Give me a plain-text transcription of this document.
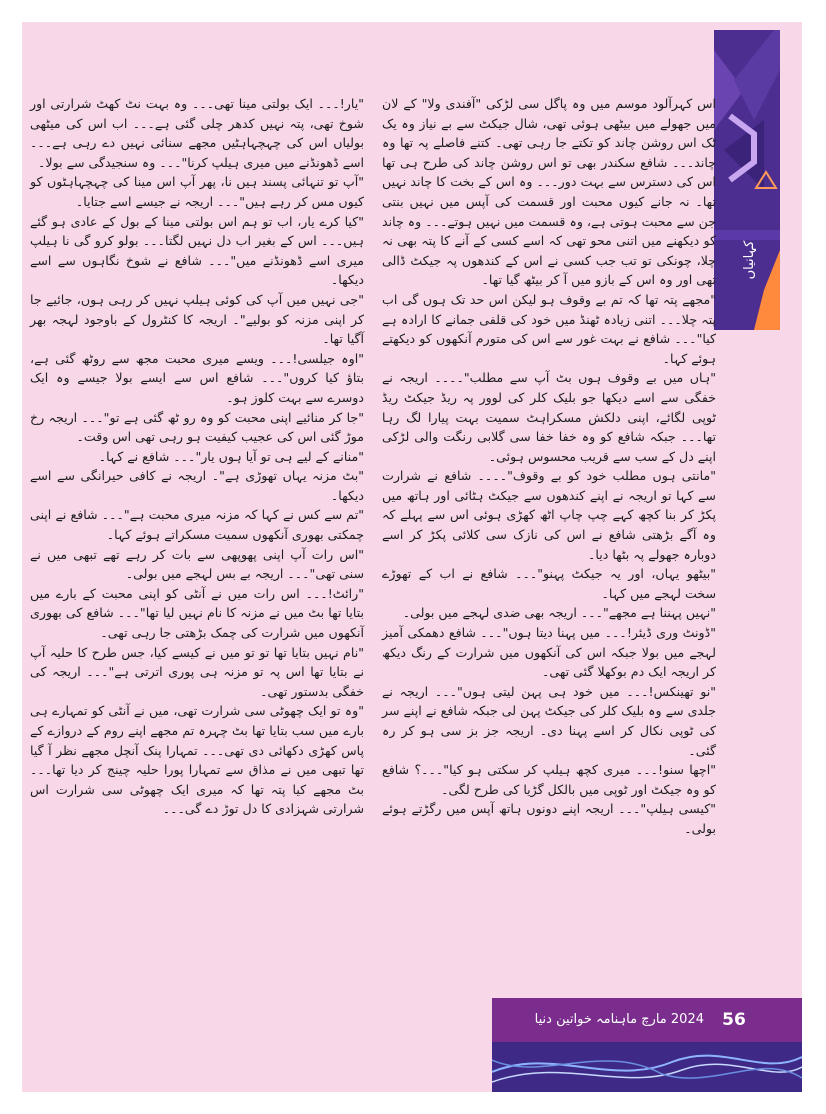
کہانیاں

اس کہرآلود موسم میں وہ پاگل سی لڑکی "آفندی ولا" کے لان میں جھولے میں بیٹھی ہوئی تھی، شال جیکٹ سے بے نیاز وہ یک ٹک اس روشن چاند کو تکتے جا رہی تھی۔ کتنے فاصلے پہ تھا وہ چاند۔۔۔ شافع سکندر بھی تو اس روشن چاند کی طرح ہی تھا اس کی دسترس سے بہت دور۔۔۔ وہ اس کے بخت کا چاند نہیں تھا۔ نہ جانے کیوں محبت اور قسمت کی آپس میں نہیں بنتی جن سے محبت ہوتی ہے، وہ قسمت میں نہیں ہوتے۔۔۔ وہ چاند کو دیکھنے میں اتنی محو تھی کہ اسے کسی کے آنے کا پتہ بھی نہ چلا، چونکی تو تب جب کسی نے اس کے کندھوں پہ جیکٹ ڈالی تھی اور وہ اس کے بازو میں آ کر بیٹھ گیا تھا۔

"مجھے پتہ تھا کہ تم بے وقوف ہو لیکن اس حد تک ہوں گی اب پتہ چلا۔۔۔ اتنی زیادہ ٹھنڈ میں خود کی قلفی جمانے کا ارادہ ہے کیا"۔۔۔ شافع نے بہت غور سے اس کی متورم آنکھوں کو دیکھتے ہوئے کہا۔

"ہاں میں بے وقوف ہوں بٹ آپ سے مطلب"۔۔۔۔ اریجہ نے خفگی سے اسے دیکھا جو بلیک کلر کی لوور پہ ریڈ جیکٹ ریڈ ٹوپی لگائے، اپنی دلکش مسکراہٹ سمیت بہت پیارا لگ رہا تھا۔۔۔ جبکہ شافع کو وہ خفا خفا سی گلابی رنگت والی لڑکی اپنے دل کے سب سے قریب محسوس ہوئی۔

"مانتی ہوں مطلب خود کو بے وقوف"۔۔۔۔ شافع نے شرارت سے کہا تو اریجہ نے اپنے کندھوں سے جیکٹ ہٹائی اور ہاتھ میں پکڑ کر بنا کچھ کہے چپ چاپ اٹھ کھڑی ہوئی اس سے پہلے کہ وہ آگے بڑھتی شافع نے اس کی نازک سی کلائی پکڑ کر اسے دوبارہ جھولے پہ بٹھا دیا۔

"بیٹھو یہاں، اور یہ جیکٹ پہنو"۔۔۔ شافع نے اب کے تھوڑے سخت لہجے میں کہا۔

"نہیں پہننا ہے مجھے"۔۔۔ اریجہ بھی ضدی لہجے میں بولی۔

"ڈونٹ وری ڈیئر!۔۔۔ میں پہنا دیتا ہوں"۔۔۔ شافع دھمکی آمیز لہجے میں بولا جبکہ اس کی آنکھوں میں شرارت کے رنگ دیکھ کر اریجہ ایک دم بوکھلا گئی تھی۔

"نو تھینکس!۔۔۔ میں خود ہی پہن لیتی ہوں"۔۔۔ اریجہ نے جلدی سے وہ بلیک کلر کی جیکٹ پہن لی جبکہ شافع نے اپنے سر کی ٹوپی نکال کر اسے پہنا دی۔ اریجہ جز بز سی ہو کر رہ گئی۔

"اچھا سنو!۔۔۔ میری کچھ ہیلپ کر سکتی ہو کیا"۔۔۔؟ شافع کو وہ جیکٹ اور ٹوپی میں بالکل گڑیا کی طرح لگی۔

"کیسی ہیلپ"۔۔۔ اریجہ اپنے دونوں ہاتھ آپس میں رگڑتے ہوئے بولی۔

"یار!۔۔۔ ایک بولتی مینا تھی۔۔۔ وہ بہت نٹ کھٹ شرارتی اور شوخ تھی، پتہ نہیں کدھر چلی گئی ہے۔۔۔ اب اس کی میٹھی بولیاں اس کی چہچہاہٹیں مجھے سنائی نہیں دے رہی ہے۔۔۔ اسے ڈھونڈنے میں میری ہیلپ کرنا"۔۔۔ وہ سنجیدگی سے بولا۔

"آپ تو تنہائی پسند ہیں نا، پھر آپ اس مینا کی چہچہاہٹوں کو کیوں مس کر رہے ہیں"۔۔۔ اریجہ نے جیسے اسے جتایا۔

"کیا کرے یار، اب تو ہم اس بولتی مینا کے بول کے عادی ہو گئے ہیں۔۔۔ اس کے بغیر اب دل نہیں لگتا۔۔۔ بولو کرو گی نا ہیلپ میری اسے ڈھونڈنے میں"۔۔۔ شافع نے شوخ نگاہوں سے اسے دیکھا۔

"جی نہیں میں آپ کی کوئی ہیلپ نہیں کر رہی ہوں، جائیے جا کر اپنی مزنہ کو بولیے"۔ اریجہ کا کنٹرول کے باوجود لہجہ بھر آگیا تھا۔

"اوہ جیلسی!۔۔۔ ویسے میری محبت مجھ سے روٹھ گئی ہے، بتاؤ کیا کروں"۔۔۔ شافع اس سے ایسے بولا جیسے وہ ایک دوسرے سے بہت کلوز ہو۔

"جا کر منائیے اپنی محبت کو وہ رو ٹھ گئی ہے تو"۔۔۔ اریجہ رخ موڑ گئی اس کی عجیب کیفیت ہو رہی تھی اس وقت۔

"منانے کے لیے ہی تو آیا ہوں یار"۔۔۔ شافع نے کہا۔

"بٹ مزنہ یہاں تھوڑی ہے"۔ اریجہ نے کافی حیرانگی سے اسے دیکھا۔

"تم سے کس نے کہا کہ مزنہ میری محبت ہے"۔۔۔ شافع نے اپنی چمکتی بھوری آنکھوں سمیت مسکراتے ہوئے کہا۔

"اس رات آپ اپنی پھوپھی سے بات کر رہے تھے تبھی میں نے سنی تھی"۔۔۔ اریجہ بے بس لہجے میں بولی۔

"رائٹ!۔۔۔ اس رات میں نے آنٹی کو اپنی محبت کے بارے میں بتایا تھا بٹ میں نے مزنہ کا نام نہیں لیا تھا"۔۔۔ شافع کی بھوری آنکھوں میں شرارت کی چمک بڑھتی جا رہی تھی۔

"نام نہیں بتایا تھا تو تو میں نے کیسے کیا، جس طرح کا حلیہ آپ نے بتایا تھا اس پہ تو مزنہ ہی پوری اترتی ہے"۔۔۔ اریجہ کی خفگی بدستور تھی۔

"وہ تو ایک چھوٹی سی شرارت تھی، میں نے آنٹی کو تمہارے ہی بارے میں سب بتایا تھا بٹ چہرہ تم مجھے اپنے روم کے دروازے کے پاس کھڑی دکھائی دی تھی۔۔۔ تمہارا پنک آنچل مجھے نظر آ گیا تھا تبھی میں نے مذاق سے تمہارا پورا حلیہ چینج کر دیا تھا۔۔۔ بٹ مجھے کیا پتہ تھا کہ میری ایک چھوٹی سی شرارت اس شرارتی شہزادی کا دل توڑ دے گی۔۔۔

2024 مارچ ماہنامہ خواتین دنیا	56
